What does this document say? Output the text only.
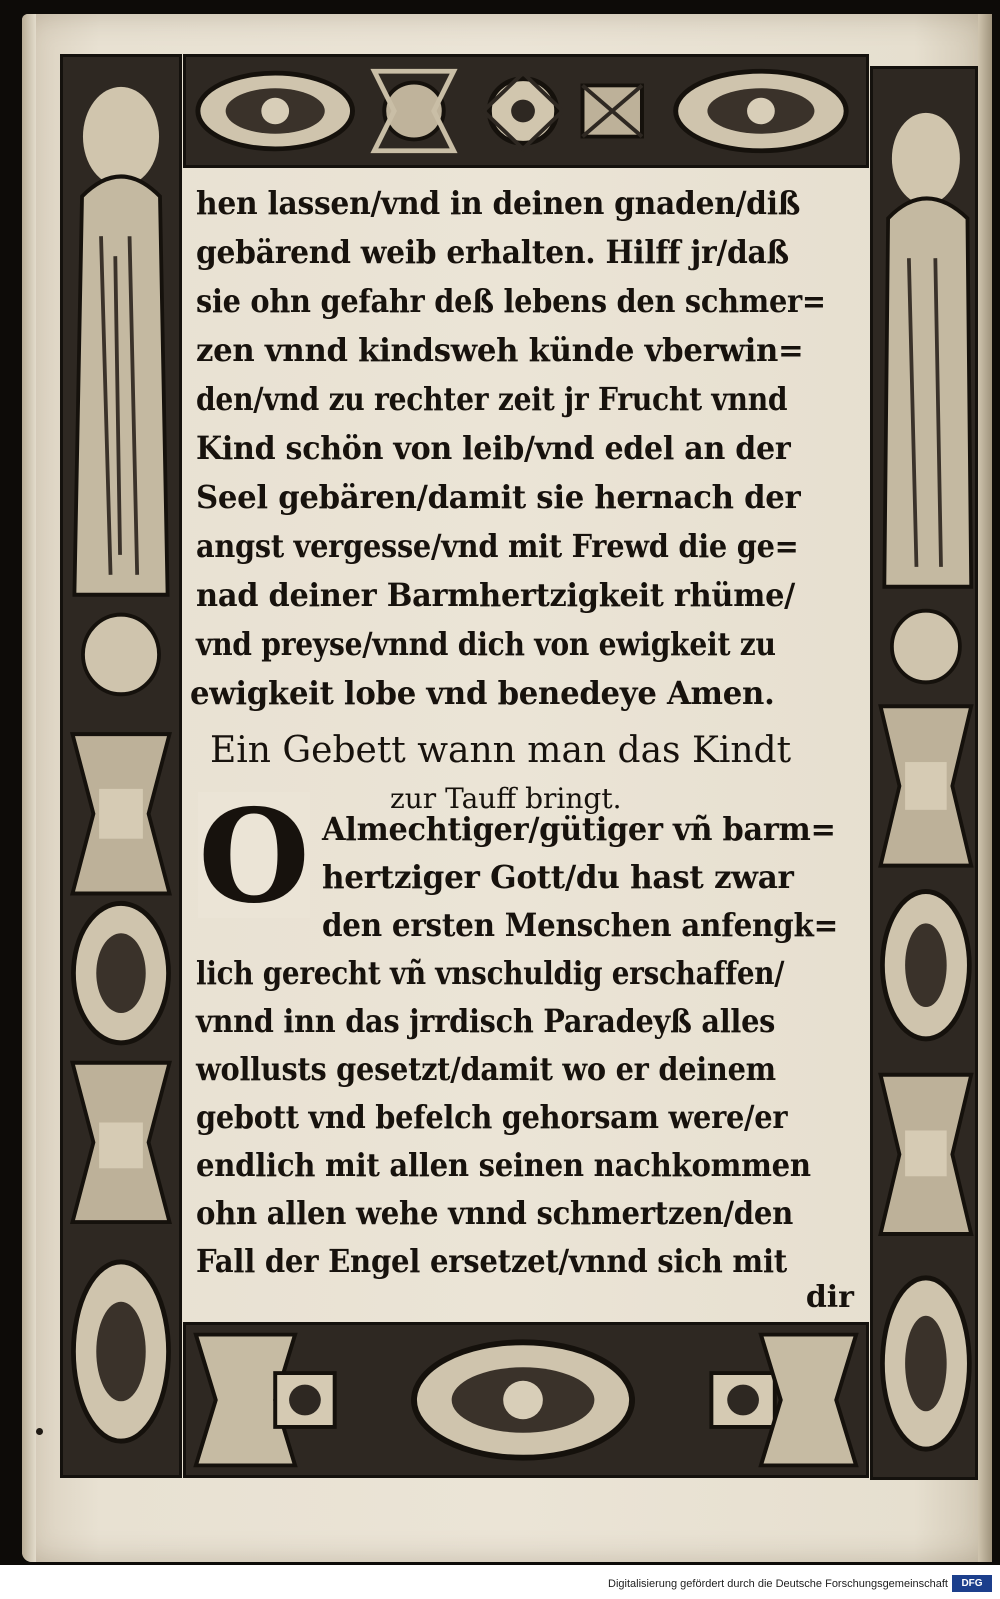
hen lassen/vnd in deinen gnaden/diß
gebärend weib erhalten. Hilff jr/daß
sie ohn gefahr deß lebens den schmer=
zen vnnd kindsweh künde vberwin=
den/vnd zu rechter zeit jr Frucht vnnd
Kind schön von leib/vnd edel an der
Seel gebären/damit sie hernach der
angst vergesse/vnd mit Frewd die ge=
nad deiner Barmhertzigkeit rhüme/
vnd preyse/vnnd dich von ewigkeit zu
ewigkeit lobe vnd benedeye Amen.
Ein Gebett wann man das Kindt
zur Tauff bringt.
O Almechtiger/gütiger vñ barm=
hertziger Gott/du hast zwar
den ersten Menschen anfengk=
lich gerecht vñ vnschuldig erschaffen/
vnnd inn das jrrdisch Paradeyß alles
wollusts gesetzt/damit wo er deinem
gebott vnd befelch gehorsam were/er
endlich mit allen seinen nachkommen
ohn allen wehe vnnd schmertzen/den
Fall der Engel ersetzet/vnnd sich mit
dir
Digitalisierung gefördert durch die Deutsche Forschungsgemeinschaft	DFG
